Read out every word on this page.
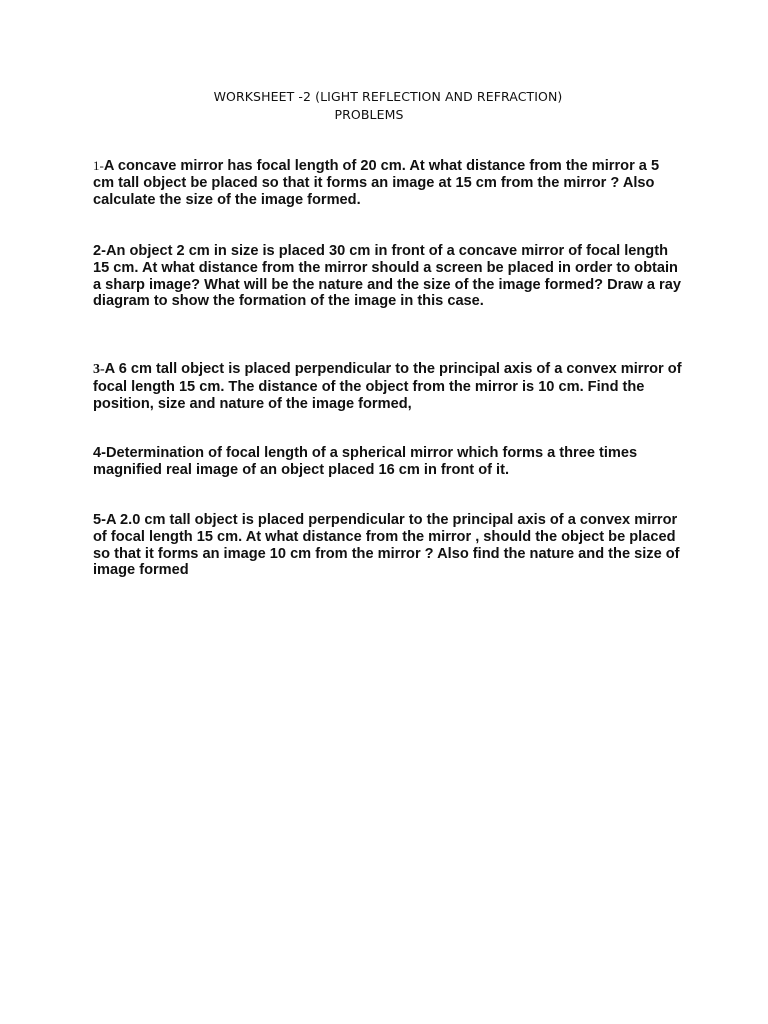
WORKSHEET -2 (LIGHT REFLECTION AND REFRACTION)
PROBLEMS
1-A concave mirror has focal length of 20 cm. At what distance from the mirror a 5 cm tall object be placed so that it forms an image at 15 cm from the mirror ? Also calculate the size of the image formed.
2-An object 2 cm in size is placed 30 cm in front of a concave mirror of focal length 15 cm. At what distance from the mirror should a screen be placed in order to obtain a sharp image? What will be the nature and the size of the image formed? Draw a ray diagram to show the formation of the image in this case.
3-A 6 cm tall object is placed perpendicular to the principal axis of a convex mirror of focal length 15 cm. The distance of the object from the mirror is 10 cm. Find the position, size and nature of the image formed,
4-Determination of focal length of a spherical mirror which forms a three times magnified real image of an object placed 16 cm in front of it.
5-A 2.0 cm tall object is placed perpendicular to the principal axis of a convex mirror of focal length 15 cm. At what distance from the mirror , should the object be placed so that it forms an image 10 cm from the mirror ? Also find the nature and the size of image formed
